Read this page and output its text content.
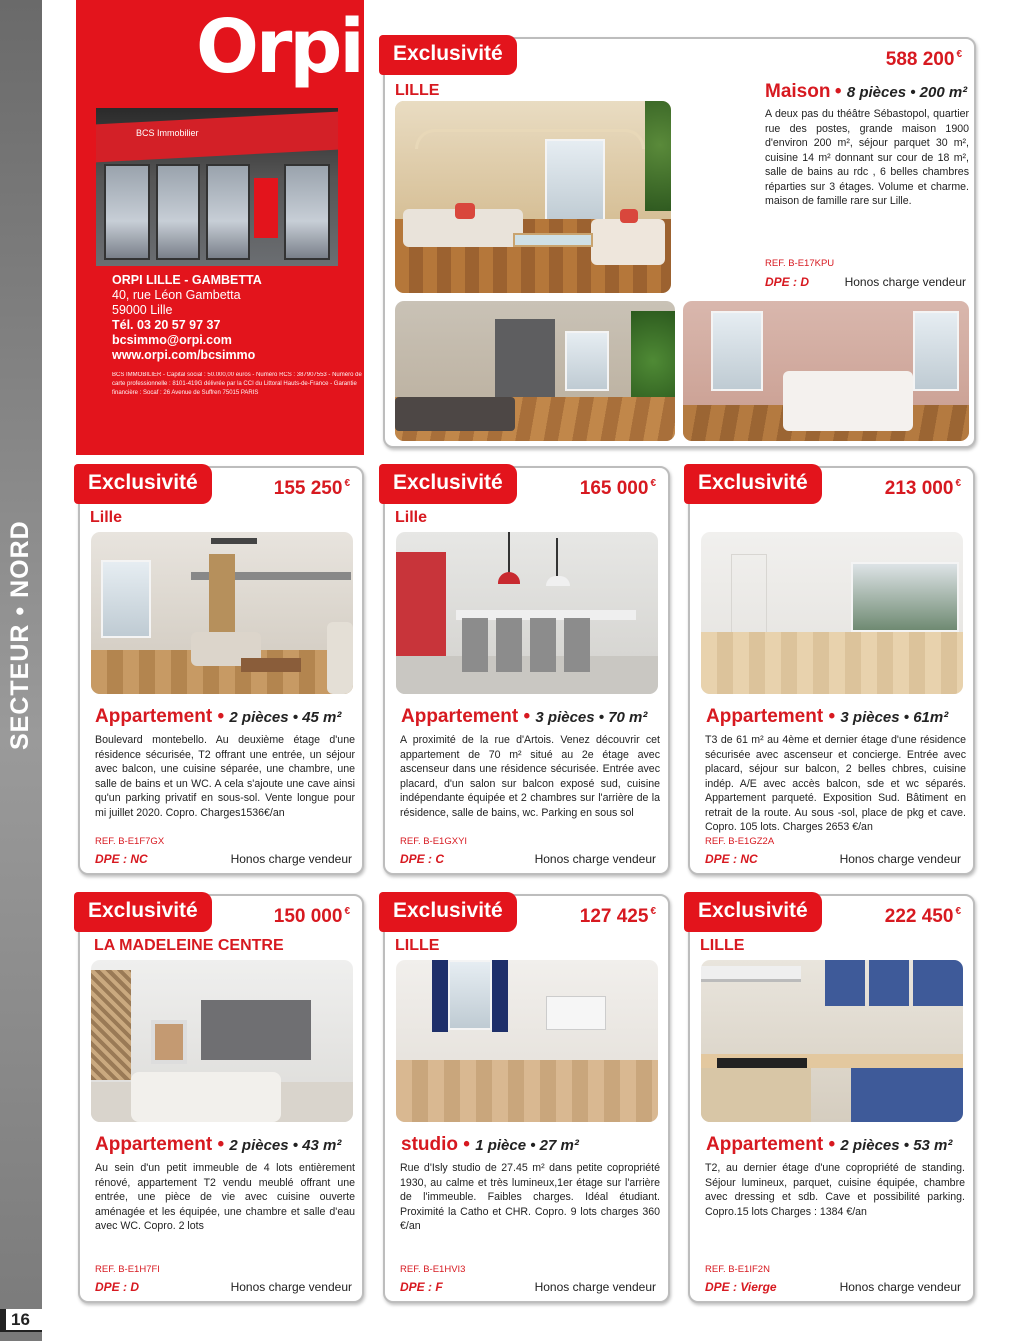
SECTEUR • NORD
16
Orpi
BCS Immobilier
ORPI LILLE - GAMBETTA
40, rue Léon Gambetta
59000 Lille
Tél. 03 20 57 97 37
bcsimmo@orpi.com
www.orpi.com/bcsimmo
BCS IMMOBILIER - Capital social : 50.000,00 euros - Numéro RCS : 387907553 - Numéro de carte professionnelle : 8101-419G délivrée par la CCI du Littoral Hauts-de-France - Garantie financière : Socaf : 26 Avenue de Suffren 75015 PARIS
Exclusivité	588 200 €
LILLE	Maison • 8 pièces • 200 m²
A deux pas du théâtre Sébastopol, quartier rue des postes, grande maison 1900 d'environ 200 m², séjour parquet 30 m², cuisine 14 m² donnant sur cour de 18 m², salle de bains au rdc , 6 belles chambres réparties sur 3 étages. Volume et charme. maison de famille rare sur Lille.
REF. B-E17KPU
DPE : D	Honos charge vendeur
Exclusivité	155 250 €
Lille
Appartement • 2 pièces • 45 m²
Boulevard montebello. Au deuxième étage d'une résidence sécurisée, T2 offrant une entrée, un séjour avec balcon, une cuisine séparée, une chambre, une salle de bains et un WC. A cela s'ajoute une cave ainsi qu'un parking privatif en sous-sol. Vente longue pour mi juillet 2020. Copro. Charges1536€/an
REF. B-E1F7GX
DPE : NC	Honos charge vendeur
Exclusivité	165 000 €
Lille
Appartement • 3 pièces • 70 m²
A proximité de la rue d'Artois. Venez découvrir cet appartement de 70 m² situé au 2e étage avec ascenseur dans une résidence sécurisée. Entrée avec placard, d'un salon sur balcon exposé sud, cuisine indépendante équipée et 2 chambres sur l'arrière de la résidence, salle de bains, wc. Parking en sous sol
REF. B-E1GXYI
DPE : C	Honos charge vendeur
Exclusivité	213 000 €
Appartement • 3 pièces • 61m²
T3 de 61 m² au 4ème et dernier étage d'une résidence sécurisée avec ascenseur et concierge. Entrée avec placard, séjour sur balcon, 2 belles chbres, cuisine indép. A/E avec accès balcon, sde et wc séparés. Appartement parqueté. Exposition Sud. Bâtiment en retrait de la route. Au sous -sol, place de pkg et cave. Copro. 105 lots. Charges 2653 €/an
REF. B-E1GZ2A
DPE : NC	Honos charge vendeur
Exclusivité	150 000 €
LA MADELEINE CENTRE
Appartement • 2 pièces • 43 m²
Au sein d'un petit immeuble de 4 lots entièrement rénové, appartement T2 vendu meublé offrant une entrée, une pièce de vie avec cuisine ouverte aménagée et les équipée, une chambre et salle d'eau avec WC. Copro. 2 lots
REF. B-E1H7FI
DPE : D	Honos charge vendeur
Exclusivité	127 425 €
LILLE
studio • 1 pièce • 27 m²
Rue d'Isly studio de 27.45 m² dans petite copropriété 1930, au calme et très lumineux,1er étage sur l'arrière de l'immeuble. Faibles charges. Idéal étudiant. Proximité la Catho et CHR. Copro. 9 lots charges 360 €/an
REF. B-E1HVI3
DPE : F	Honos charge vendeur
Exclusivité	222 450 €
LILLE
Appartement • 2 pièces • 53 m²
T2, au dernier étage d'une copropriété de standing. Séjour lumineux, parquet, cuisine équipée, chambre avec dressing et sdb. Cave et possibilité parking. Copro.15 lots Charges : 1384 €/an
REF. B-E1IF2N
DPE : Vierge	Honos charge vendeur
